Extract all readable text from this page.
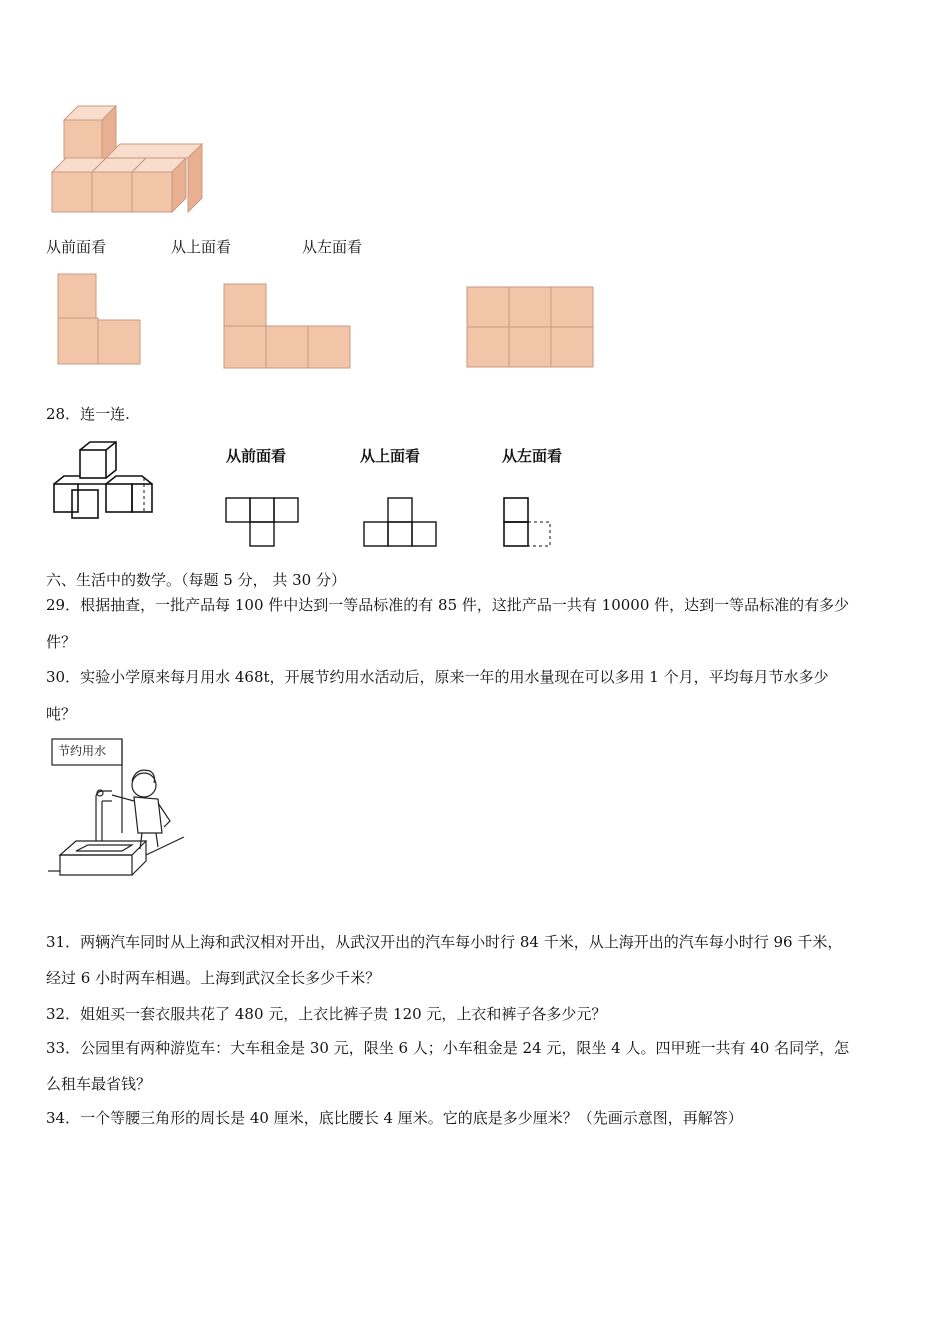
从前面看	从上面看	从左面看
28．连一连.
从前面看	从上面看	从左面看
六、生活中的数学。（每题 5 分， 共 30 分）
29．根据抽查，一批产品每 100 件中达到一等品标准的有 85 件，这批产品一共有 10000 件，达到一等品标准的有多少
件？
30．实验小学原来每月用水 468t，开展节约用水活动后，原来一年的用水量现在可以多用 1 个月，平均每月节水多少
吨？
节约用水
31．两辆汽车同时从上海和武汉相对开出，从武汉开出的汽车每小时行 84 千米，从上海开出的汽车每小时行 96 千米，
经过 6 小时两车相遇。上海到武汉全长多少千米？
32．姐姐买一套衣服共花了 480 元，上衣比裤子贵 120 元，上衣和裤子各多少元？
33．公园里有两种游览车：大车租金是 30 元，限坐 6 人；小车租金是 24 元，限坐 4 人。四甲班一共有 40 名同学，怎
么租车最省钱？
34．一个等腰三角形的周长是 40 厘米，底比腰长 4 厘米。它的底是多少厘米？（先画示意图，再解答）
